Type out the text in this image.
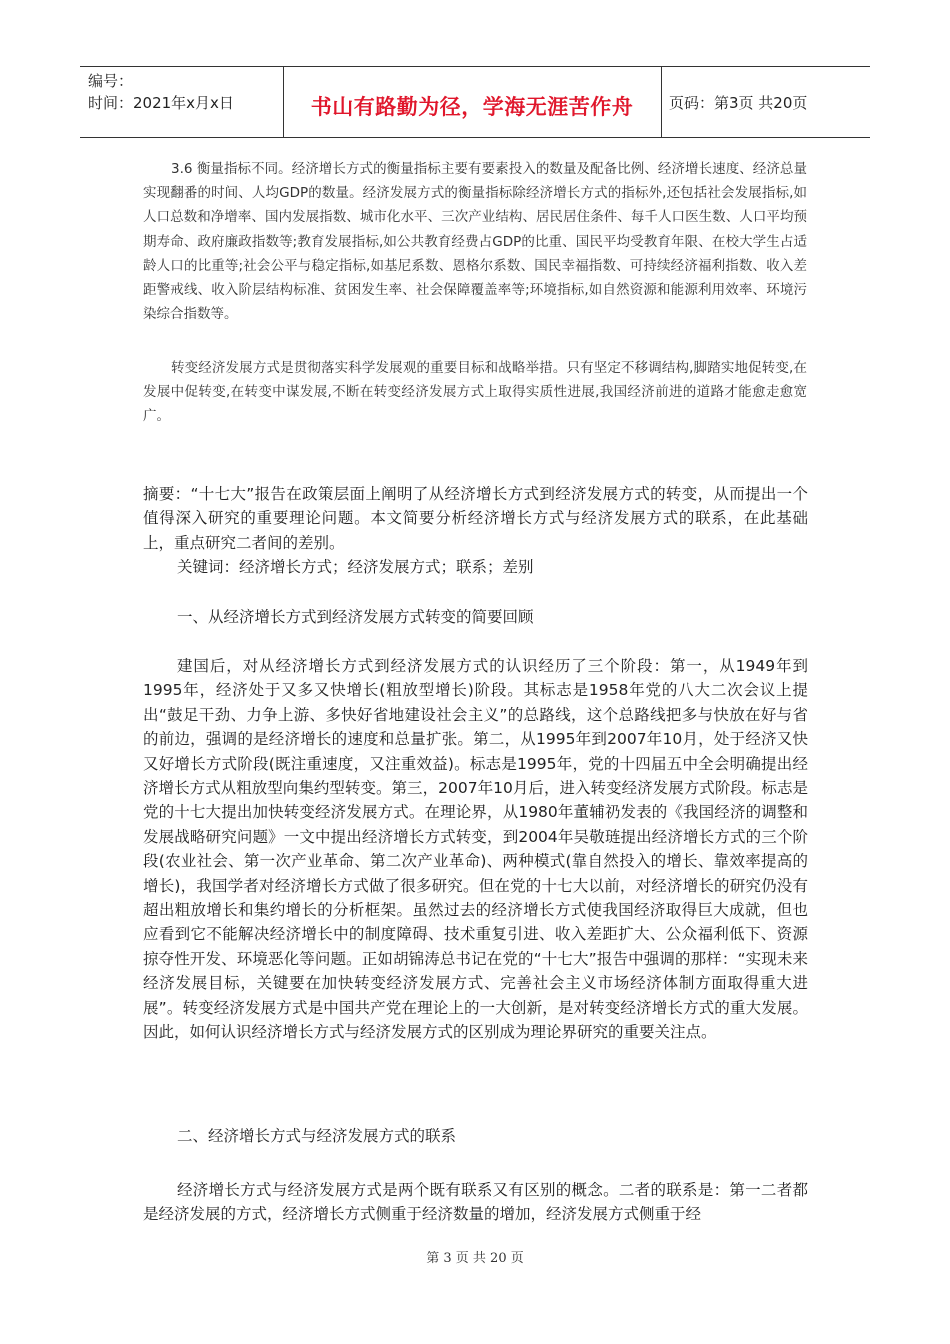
编号：
时间：2021年x月x日	书山有路勤为径，学海无涯苦作舟	页码：第3页 共20页

3.6 衡量指标不同。经济增长方式的衡量指标主要有要素投入的数量及配备比例、经济增长速度、经济总量实现翻番的时间、人均GDP的数量。经济发展方式的衡量指标除经济增长方式的指标外,还包括社会发展指标,如人口总数和净增率、国内发展指数、城市化水平、三次产业结构、居民居住条件、每千人口医生数、人口平均预期寿命、政府廉政指数等;教育发展指标,如公共教育经费占GDP的比重、国民平均受教育年限、在校大学生占适龄人口的比重等;社会公平与稳定指标,如基尼系数、恩格尔系数、国民幸福指数、可持续经济福利指数、收入差距警戒线、收入阶层结构标准、贫困发生率、社会保障覆盖率等;环境指标,如自然资源和能源利用效率、环境污染综合指数等。

转变经济发展方式是贯彻落实科学发展观的重要目标和战略举措。只有坚定不移调结构,脚踏实地促转变,在发展中促转变,在转变中谋发展,不断在转变经济发展方式上取得实质性进展,我国经济前进的道路才能愈走愈宽广。

摘要：“十七大”报告在政策层面上阐明了从经济增长方式到经济发展方式的转变，从而提出一个值得深入研究的重要理论问题。本文简要分析经济增长方式与经济发展方式的联系，在此基础上，重点研究二者间的差别。

关键词：经济增长方式；经济发展方式；联系；差别

一、从经济增长方式到经济发展方式转变的简要回顾

建国后，对从经济增长方式到经济发展方式的认识经历了三个阶段：第一，从1949年到1995年，经济处于又多又快增长(粗放型增长)阶段。其标志是1958年党的八大二次会议上提出“鼓足干劲、力争上游、多快好省地建设社会主义”的总路线，这个总路线把多与快放在好与省的前边，强调的是经济增长的速度和总量扩张。第二，从1995年到2007年10月，处于经济又快又好增长方式阶段(既注重速度，又注重效益)。标志是1995年，党的十四届五中全会明确提出经济增长方式从粗放型向集约型转变。第三，2007年10月后，进入转变经济发展方式阶段。标志是党的十七大提出加快转变经济发展方式。在理论界，从1980年董辅礽发表的《我国经济的调整和发展战略研究问题》一文中提出经济增长方式转变，到2004年吴敬琏提出经济增长方式的三个阶段(农业社会、第一次产业革命、第二次产业革命)、两种模式(靠自然投入的增长、靠效率提高的增长)，我国学者对经济增长方式做了很多研究。但在党的十七大以前，对经济增长的研究仍没有超出粗放增长和集约增长的分析框架。虽然过去的经济增长方式使我国经济取得巨大成就，但也应看到它不能解决经济增长中的制度障碍、技术重复引进、收入差距扩大、公众福利低下、资源掠夺性开发、环境恶化等问题。正如胡锦涛总书记在党的“十七大”报告中强调的那样：“实现未来经济发展目标，关键要在加快转变经济发展方式、完善社会主义市场经济体制方面取得重大进展”。转变经济发展方式是中国共产党在理论上的一大创新，是对转变经济增长方式的重大发展。因此，如何认识经济增长方式与经济发展方式的区别成为理论界研究的重要关注点。

二、经济增长方式与经济发展方式的联系

经济增长方式与经济发展方式是两个既有联系又有区别的概念。二者的联系是：第一二者都是经济发展的方式，经济增长方式侧重于经济数量的增加，经济发展方式侧重于经

第 3 页 共 20 页
